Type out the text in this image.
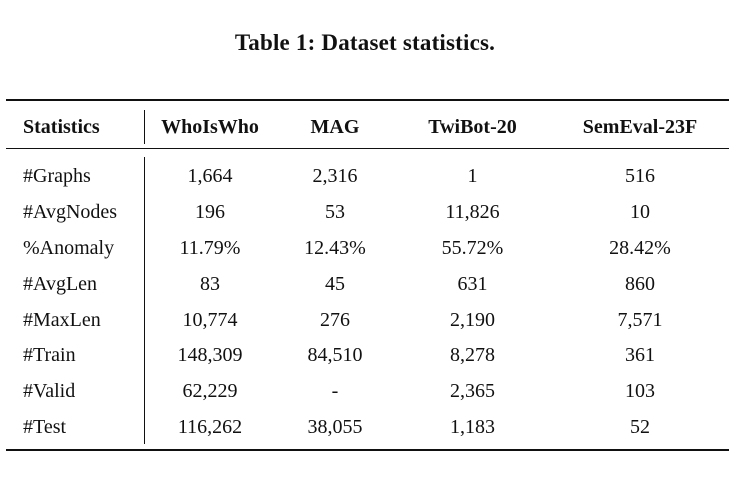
Table 1: Dataset statistics.
Statistics	WhoIsWho	MAG	TwiBot-20	SemEval-23F
#Graphs	1,664	2,316	1	516
#AvgNodes	196	53	11,826	10
%Anomaly	11.79%	12.43%	55.72%	28.42%
#AvgLen	83	45	631	860
#MaxLen	10,774	276	2,190	7,571
#Train	148,309	84,510	8,278	361
#Valid	62,229	-	2,365	103
#Test	116,262	38,055	1,183	52
